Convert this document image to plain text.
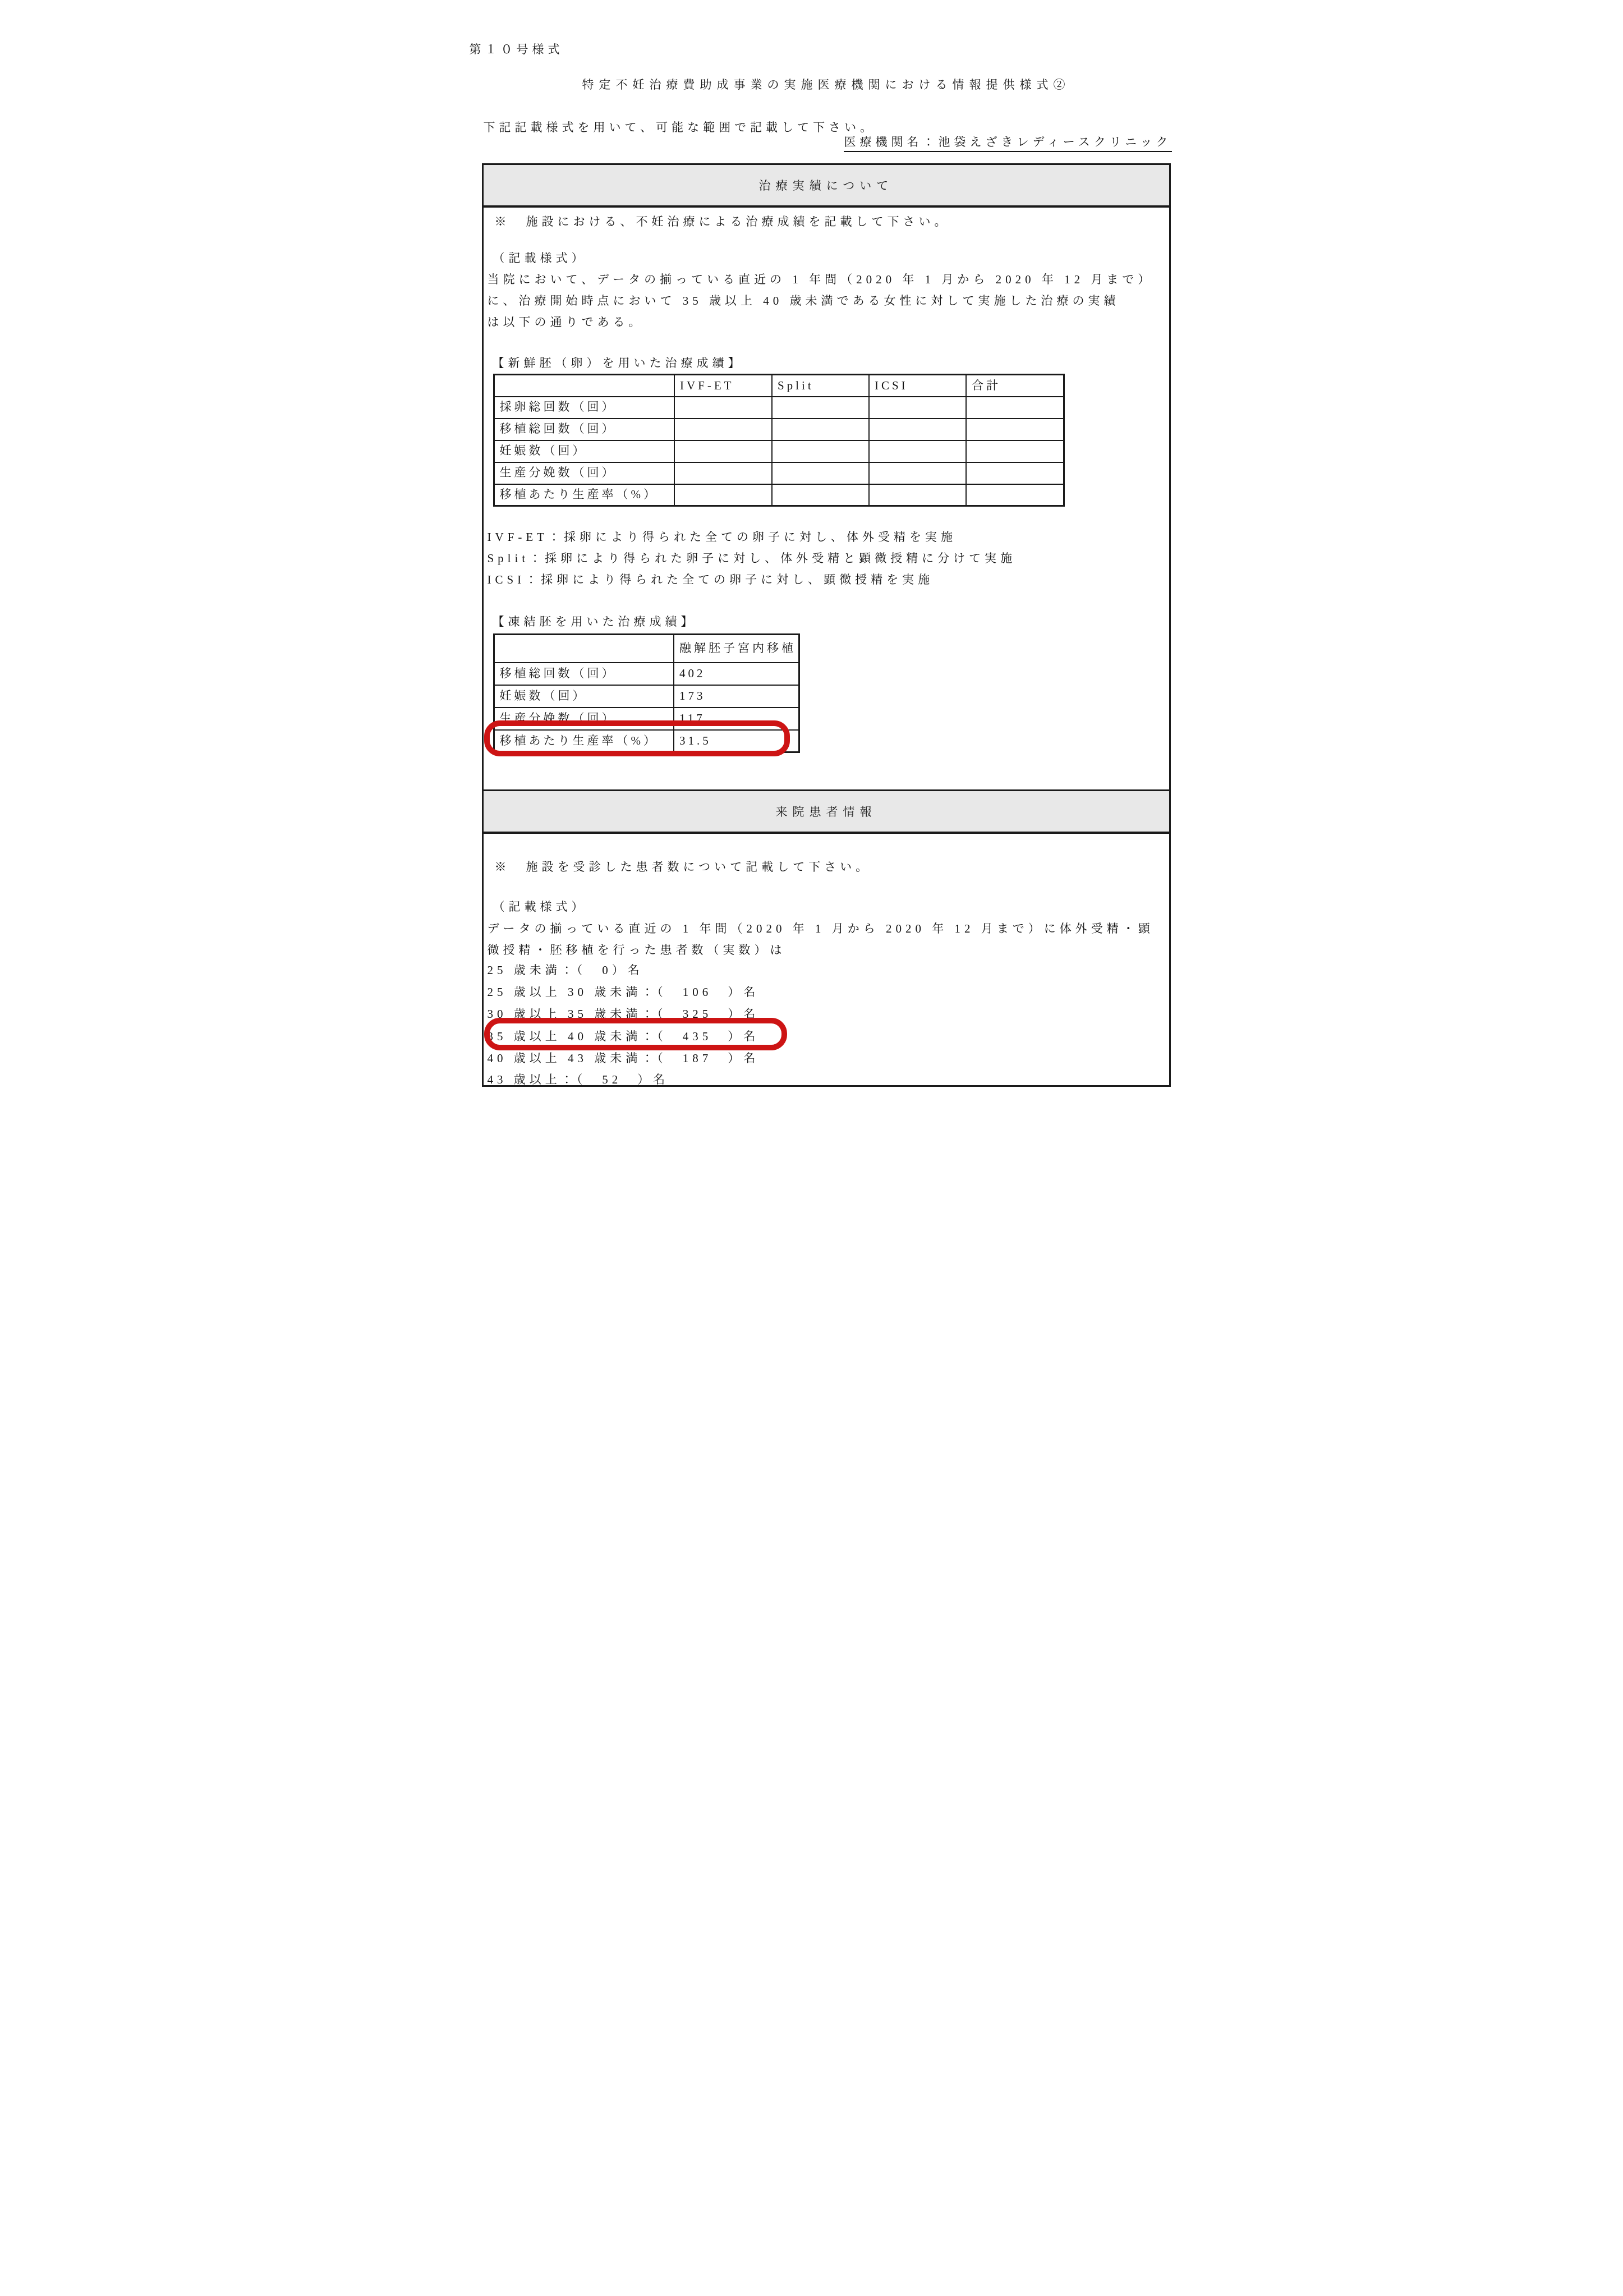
第１０号様式
特定不妊治療費助成事業の実施医療機関における情報提供様式②
下記記載様式を用いて、可能な範囲で記載して下さい。
医療機関名：池袋えざきレディースクリニック
治療実績について
※　施設における、不妊治療による治療成績を記載して下さい。
（記載様式）
当院において、データの揃っている直近の 1 年間（2020 年 1 月から 2020 年 12 月まで）
に、治療開始時点において 35 歳以上 40 歳未満である女性に対して実施した治療の実績
は以下の通りである。
【新鮮胚（卵）を用いた治療成績】
	IVF-ET	Split	ICSI	合計
採卵総回数（回）				
移植総回数（回）				
妊娠数（回）				
生産分娩数（回）				
移植あたり生産率（%）				
IVF-ET：採卵により得られた全ての卵子に対し、体外受精を実施
Split：採卵により得られた卵子に対し、体外受精と顕微授精に分けて実施
ICSI：採卵により得られた全ての卵子に対し、顕微授精を実施
【凍結胚を用いた治療成績】
	融解胚子宮内移植
移植総回数（回）	402
妊娠数（回）	173
生産分娩数（回）	117
移植あたり生産率（%）	31.5
来院患者情報
※　施設を受診した患者数について記載して下さい。
（記載様式）
データの揃っている直近の 1 年間（2020 年 1 月から 2020 年 12 月まで）に体外受精・顕
微授精・胚移植を行った患者数（実数）は
25 歳未満：（　0）名
25 歳以上 30 歳未満：（　106　）名
30 歳以上 35 歳未満：（　325　）名
35 歳以上 40 歳未満：（　435　）名
40 歳以上 43 歳未満：（　187　）名
43 歳以上：（　52　）名
